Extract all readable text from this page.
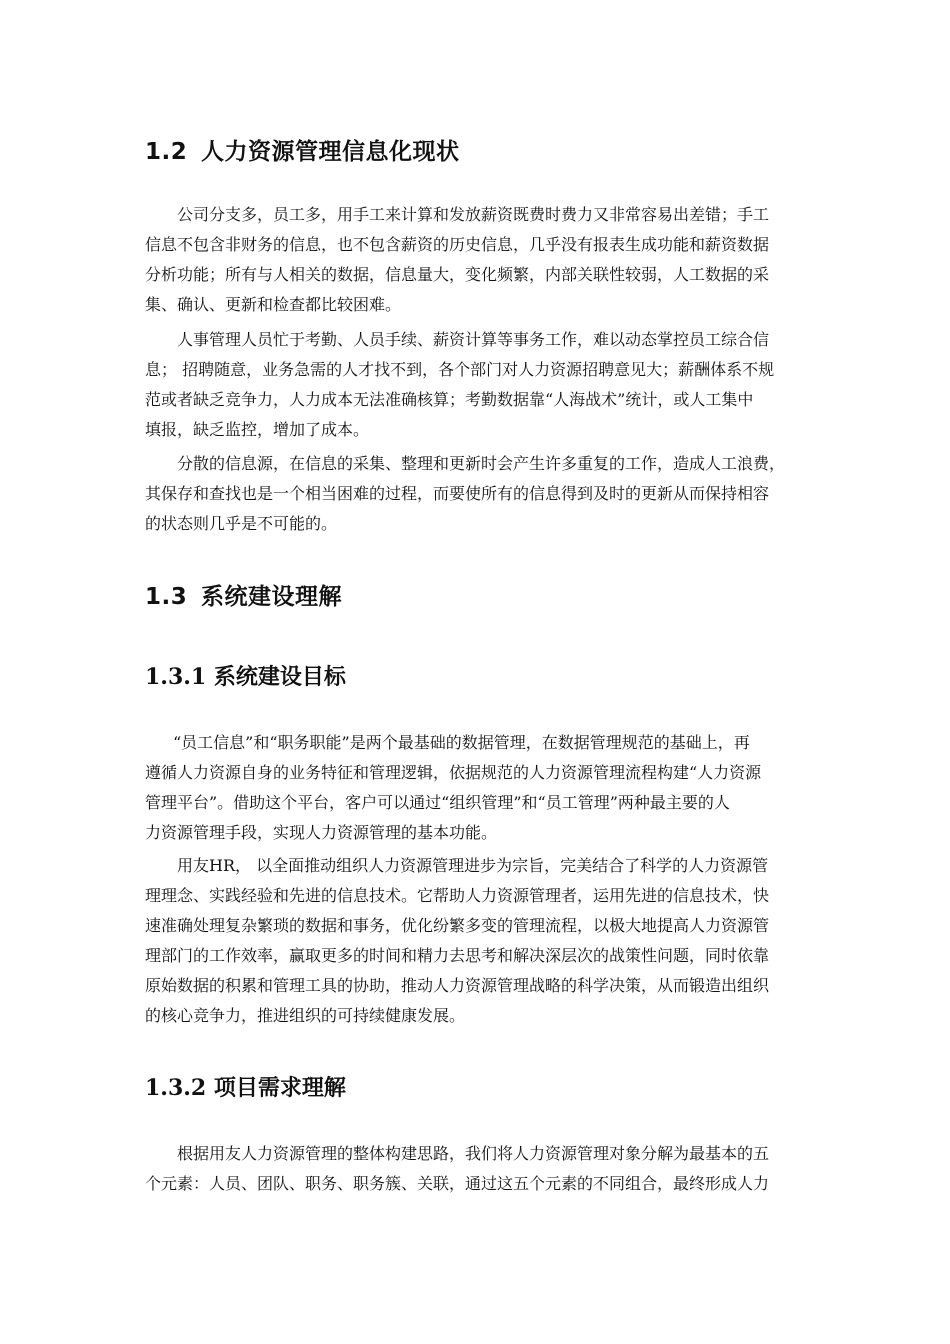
1.2 人力资源管理信息化现状
公司分支多，员工多，用手工来计算和发放薪资既费时费力又非常容易出差错；手工
信息不包含非财务的信息，也不包含薪资的历史信息，几乎没有报表生成功能和薪资数据
分析功能；所有与人相关的数据，信息量大，变化频繁，内部关联性较弱，人工数据的采
集、确认、更新和检查都比较困难。
人事管理人员忙于考勤、人员手续、薪资计算等事务工作，难以动态掌控员工综合信
息； 招聘随意，业务急需的人才找不到，各个部门对人力资源招聘意见大；薪酬体系不规
范或者缺乏竞争力，人力成本无法准确核算；考勤数据靠“人海战术”统计，或人工集中
填报，缺乏监控，增加了成本。
分散的信息源，在信息的采集、整理和更新时会产生许多重复的工作，造成人工浪费，
其保存和查找也是一个相当困难的过程，而要使所有的信息得到及时的更新从而保持相容
的状态则几乎是不可能的。
1.3 系统建设理解
1.3.1 系统建设目标
“员工信息”和“职务职能”是两个最基础的数据管理，在数据管理规范的基础上，再
遵循人力资源自身的业务特征和管理逻辑，依据规范的人力资源管理流程构建“人力资源
管理平台”。借助这个平台，客户可以通过“组织管理”和“员工管理”两种最主要的人
力资源管理手段，实现人力资源管理的基本功能。
用友HR， 以全面推动组织人力资源管理进步为宗旨，完美结合了科学的人力资源管
理理念、实践经验和先进的信息技术。它帮助人力资源管理者，运用先进的信息技术，快
速准确处理复杂繁琐的数据和事务，优化纷繁多变的管理流程，以极大地提高人力资源管
理部门的工作效率，赢取更多的时间和精力去思考和解决深层次的战策性问题，同时依靠
原始数据的积累和管理工具的协助，推动人力资源管理战略的科学决策，从而锻造出组织
的核心竞争力，推进组织的可持续健康发展。
1.3.2 项目需求理解
根据用友人力资源管理的整体构建思路，我们将人力资源管理对象分解为最基本的五
个元素：人员、团队、职务、职务簇、关联，通过这五个元素的不同组合，最终形成人力
